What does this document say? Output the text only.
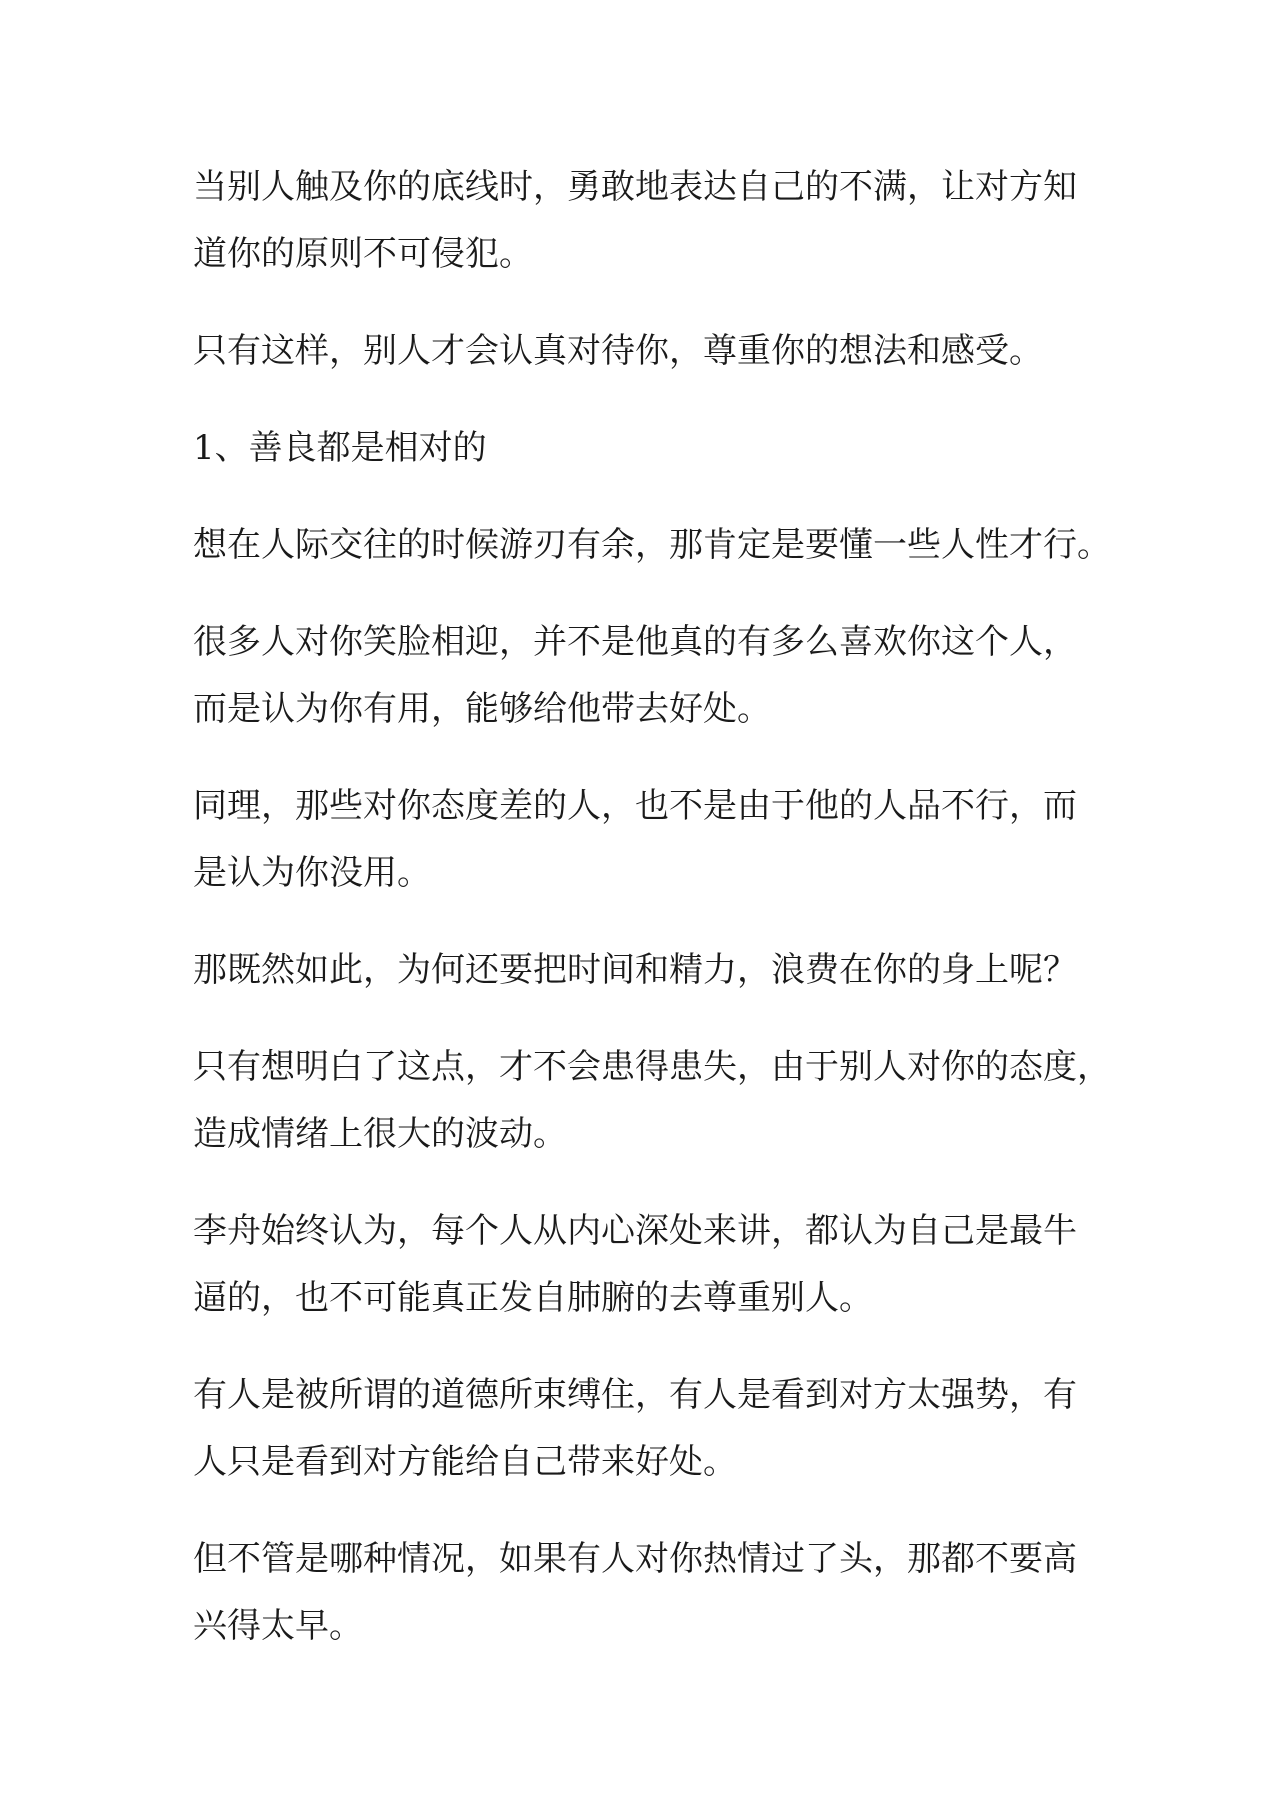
当别人触及你的底线时，勇敢地表达自己的不满，让对方知
道你的原则不可侵犯。

只有这样，别人才会认真对待你，尊重你的想法和感受。

1、善良都是相对的

想在人际交往的时候游刃有余，那肯定是要懂一些人性才行。

很多人对你笑脸相迎，并不是他真的有多么喜欢你这个人，
而是认为你有用，能够给他带去好处。

同理，那些对你态度差的人，也不是由于他的人品不行，而
是认为你没用。

那既然如此，为何还要把时间和精力，浪费在你的身上呢？

只有想明白了这点，才不会患得患失，由于别人对你的态度，
造成情绪上很大的波动。

李舟始终认为，每个人从内心深处来讲，都认为自己是最牛
逼的，也不可能真正发自肺腑的去尊重别人。

有人是被所谓的道德所束缚住，有人是看到对方太强势，有
人只是看到对方能给自己带来好处。

但不管是哪种情况，如果有人对你热情过了头，那都不要高
兴得太早。
